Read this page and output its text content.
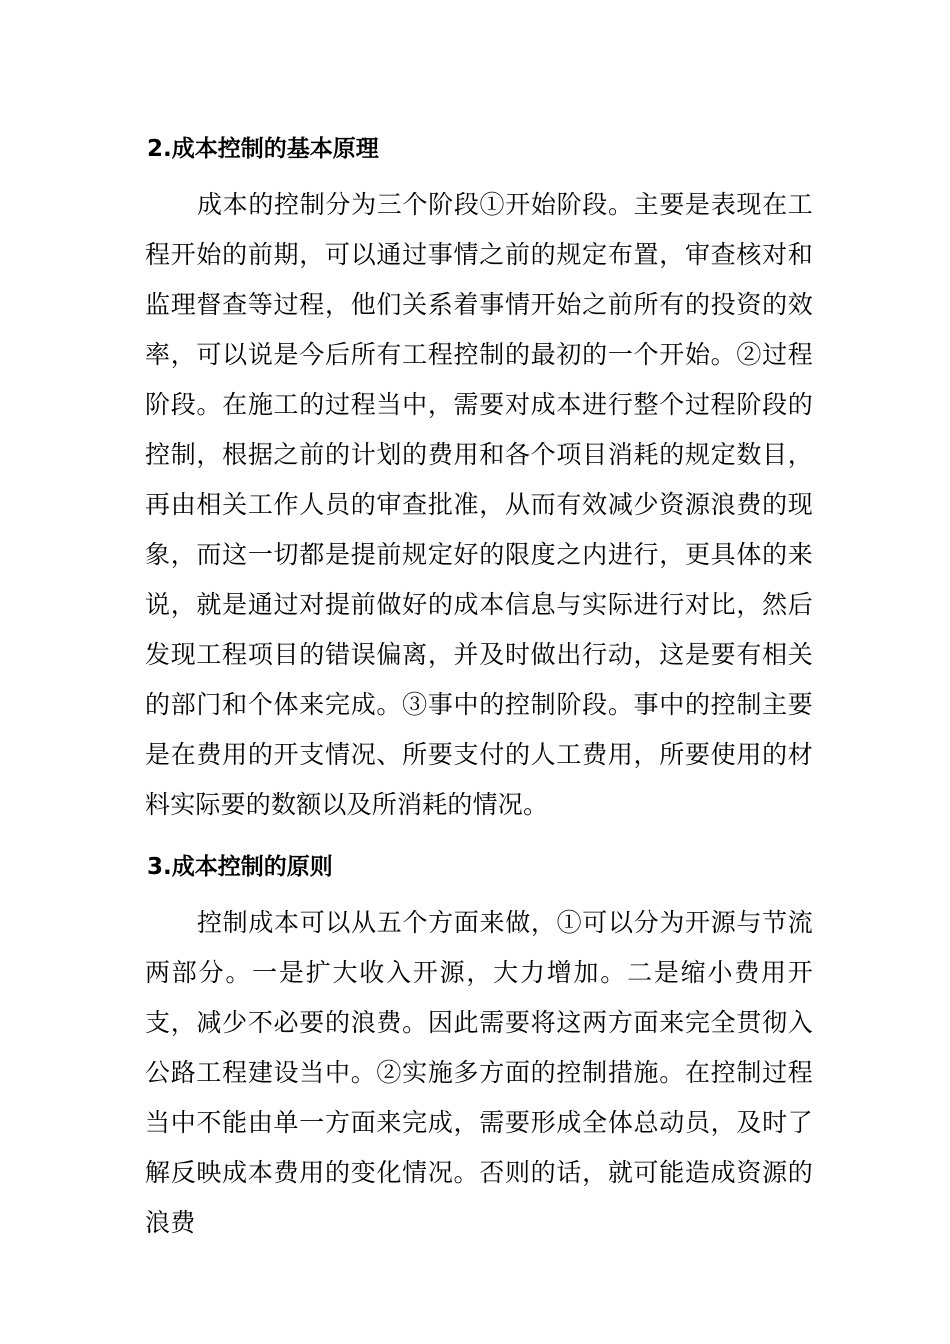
2.成本控制的基本原理

成本的控制分为三个阶段①开始阶段。主要是表现在工程开始的前期，可以通过事情之前的规定布置，审查核对和监理督查等过程，他们关系着事情开始之前所有的投资的效率，可以说是今后所有工程控制的最初的一个开始。②过程阶段。在施工的过程当中，需要对成本进行整个过程阶段的控制，根据之前的计划的费用和各个项目消耗的规定数目，再由相关工作人员的审查批准，从而有效减少资源浪费的现象，而这一切都是提前规定好的限度之内进行，更具体的来说，就是通过对提前做好的成本信息与实际进行对比，然后发现工程项目的错误偏离，并及时做出行动，这是要有相关的部门和个体来完成。③事中的控制阶段。事中的控制主要是在费用的开支情况、所要支付的人工费用，所要使用的材料实际要的数额以及所消耗的情况。

3.成本控制的原则

控制成本可以从五个方面来做，①可以分为开源与节流两部分。一是扩大收入开源，大力增加。二是缩小费用开支，减少不必要的浪费。因此需要将这两方面来完全贯彻入公路工程建设当中。②实施多方面的控制措施。在控制过程当中不能由单一方面来完成，需要形成全体总动员，及时了解反映成本费用的变化情况。否则的话，就可能造成资源的浪费
